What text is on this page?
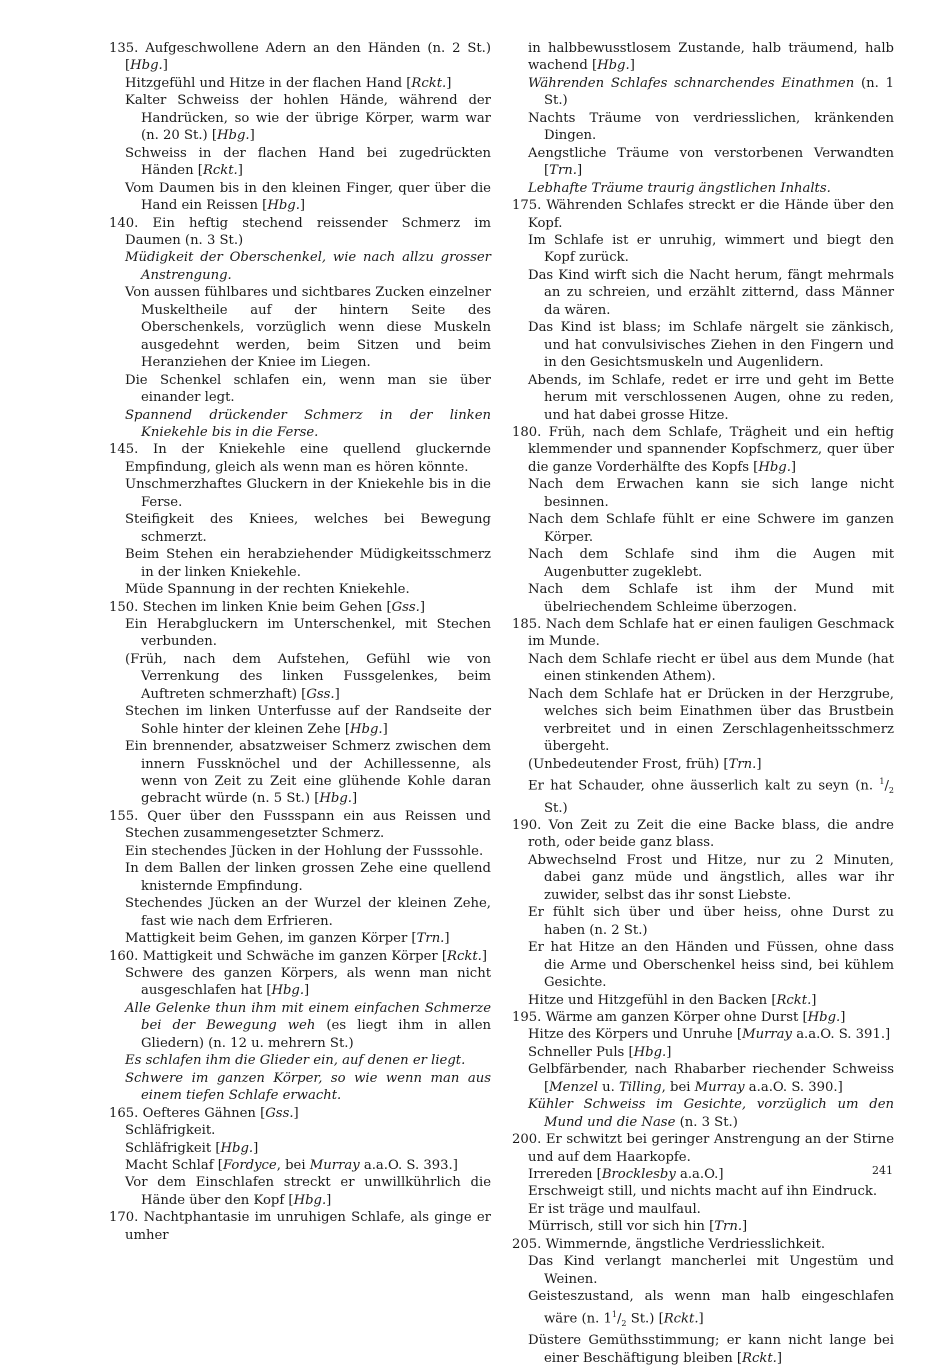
135. Aufgeschwollene Adern an den Händen (n. 2 St.) [Hbg.]

Hitzgefühl und Hitze in der flachen Hand [Rckt.]

Kalter Schweiss der hohlen Hände, während der Handrücken, so wie der übrige Körper, warm war (n. 20 St.) [Hbg.]

Schweiss in der flachen Hand bei zugedrückten Händen [Rckt.]

Vom Daumen bis in den kleinen Finger, quer über die Hand ein Reissen [Hbg.]

140. Ein heftig stechend reissender Schmerz im Daumen (n. 3 St.)

Müdigkeit der Oberschenkel, wie nach allzu grosser Anstrengung.

Von aussen fühlbares und sichtbares Zucken einzelner Muskeltheile auf der hintern Seite des Oberschenkels, vorzüglich wenn diese Muskeln ausgedehnt werden, beim Sitzen und beim Heranziehen der Kniee im Liegen.

Die Schenkel schlafen ein, wenn man sie über einander legt.

Spannend drückender Schmerz in der linken Kniekehle bis in die Ferse.

145. In der Kniekehle eine quellend gluckernde Empfindung, gleich als wenn man es hören könnte.

Unschmerzhaftes Gluckern in der Kniekehle bis in die Ferse.

Steifigkeit des Kniees, welches bei Bewegung schmerzt.

Beim Stehen ein herabziehender Müdigkeitsschmerz in der linken Kniekehle.

Müde Spannung in der rechten Kniekehle.

150. Stechen im linken Knie beim Gehen [Gss.]

Ein Herabgluckern im Unterschenkel, mit Stechen verbunden.

(Früh, nach dem Aufstehen, Gefühl wie von Verrenkung des linken Fussgelenkes, beim Auftreten schmerzhaft) [Gss.]

Stechen im linken Unterfusse auf der Randseite der Sohle hinter der kleinen Zehe [Hbg.]

Ein brennender, absatzweiser Schmerz zwischen dem innern Fussknöchel und der Achillessenne, als wenn von Zeit zu Zeit eine glühende Kohle daran gebracht würde (n. 5 St.) [Hbg.]

155. Quer über den Fussspann ein aus Reissen und Stechen zusammengesetzter Schmerz.

Ein stechendes Jücken in der Hohlung der Fusssohle.

In dem Ballen der linken grossen Zehe eine quellend knisternde Empfindung.

Stechendes Jücken an der Wurzel der kleinen Zehe, fast wie nach dem Erfrieren.

Mattigkeit beim Gehen, im ganzen Körper [Trn.]

160. Mattigkeit und Schwäche im ganzen Körper [Rckt.]

Schwere des ganzen Körpers, als wenn man nicht ausgeschlafen hat [Hbg.]

Alle Gelenke thun ihm mit einem einfachen Schmerze bei der Bewegung weh (es liegt ihm in allen Gliedern) (n. 12 u. mehrern St.)

Es schlafen ihm die Glieder ein, auf denen er liegt.

Schwere im ganzen Körper, so wie wenn man aus einem tiefen Schlafe erwacht.

165. Oefteres Gähnen [Gss.]

Schläfrigkeit.

Schläfrigkeit [Hbg.]

Macht Schlaf [Fordyce, bei Murray a.a.O. S. 393.]

Vor dem Einschlafen streckt er unwillkührlich die Hände über den Kopf [Hbg.]

170. Nachtphantasie im unruhigen Schlafe, als ginge er umher

in halbbewusstlosem Zustande, halb träumend, halb wachend [Hbg.]

Währenden Schlafes schnarchendes Einathmen (n. 1 St.)

Nachts Träume von verdriesslichen, kränkenden Dingen.

Aengstliche Träume von verstorbenen Verwandten [Trn.]

Lebhafte Träume traurig ängstlichen Inhalts.

175. Währenden Schlafes streckt er die Hände über den Kopf.

Im Schlafe ist er unruhig, wimmert und biegt den Kopf zurück.

Das Kind wirft sich die Nacht herum, fängt mehrmals an zu schreien, und erzählt zitternd, dass Männer da wären.

Das Kind ist blass; im Schlafe närgelt sie zänkisch, und hat convulsivisches Ziehen in den Fingern und in den Gesichtsmuskeln und Augenlidern.

Abends, im Schlafe, redet er irre und geht im Bette herum mit verschlossenen Augen, ohne zu reden, und hat dabei grosse Hitze.

180. Früh, nach dem Schlafe, Trägheit und ein heftig klemmender und spannender Kopfschmerz, quer über die ganze Vorderhälfte des Kopfs [Hbg.]

Nach dem Erwachen kann sie sich lange nicht besinnen.

Nach dem Schlafe fühlt er eine Schwere im ganzen Körper.

Nach dem Schlafe sind ihm die Augen mit Augenbutter zugeklebt.

Nach dem Schlafe ist ihm der Mund mit übelriechendem Schleime überzogen.

185. Nach dem Schlafe hat er einen fauligen Geschmack im Munde.

Nach dem Schlafe riecht er übel aus dem Munde (hat einen stinkenden Athem).

Nach dem Schlafe hat er Drücken in der Herzgrube, welches sich beim Einathmen über das Brustbein verbreitet und in einen Zerschlagenheitsschmerz übergeht.

(Unbedeutender Frost, früh) [Trn.]

Er hat Schauder, ohne äusserlich kalt zu seyn (n. $^1/_2$ St.)

190. Von Zeit zu Zeit die eine Backe blass, die andre roth, oder beide ganz blass.

Abwechselnd Frost und Hitze, nur zu 2 Minuten, dabei ganz müde und ängstlich, alles war ihr zuwider, selbst das ihr sonst Liebste.

Er fühlt sich über und über heiss, ohne Durst zu haben (n. 2 St.)

Er hat Hitze an den Händen und Füssen, ohne dass die Arme und Oberschenkel heiss sind, bei kühlem Gesichte.

Hitze und Hitzgefühl in den Backen [Rckt.]

195. Wärme am ganzen Körper ohne Durst [Hbg.]

Hitze des Körpers und Unruhe [Murray a.a.O. S. 391.]

Schneller Puls [Hbg.]

Gelbfärbender, nach Rhabarber riechender Schweiss [Menzel u. Tilling, bei Murray a.a.O. S. 390.]

Kühler Schweiss im Gesichte, vorzüglich um den Mund und die Nase (n. 3 St.)

200. Er schwitzt bei geringer Anstrengung an der Stirne und auf dem Haarkopfe.

Irrereden [Brocklesby a.a.O.]

Erschweigt still, und nichts macht auf ihn Eindruck.

Er ist träge und maulfaul.

Mürrisch, still vor sich hin [Trn.]

205. Wimmernde, ängstliche Verdriesslichkeit.

Das Kind verlangt mancherlei mit Ungestüm und Weinen.

Geisteszustand, als wenn man halb eingeschlafen wäre (n. $1^1/_2$ St.) [Rckt.]

Düstere Gemüthsstimmung; er kann nicht lange bei einer Beschäftigung bleiben [Rckt.]

241
